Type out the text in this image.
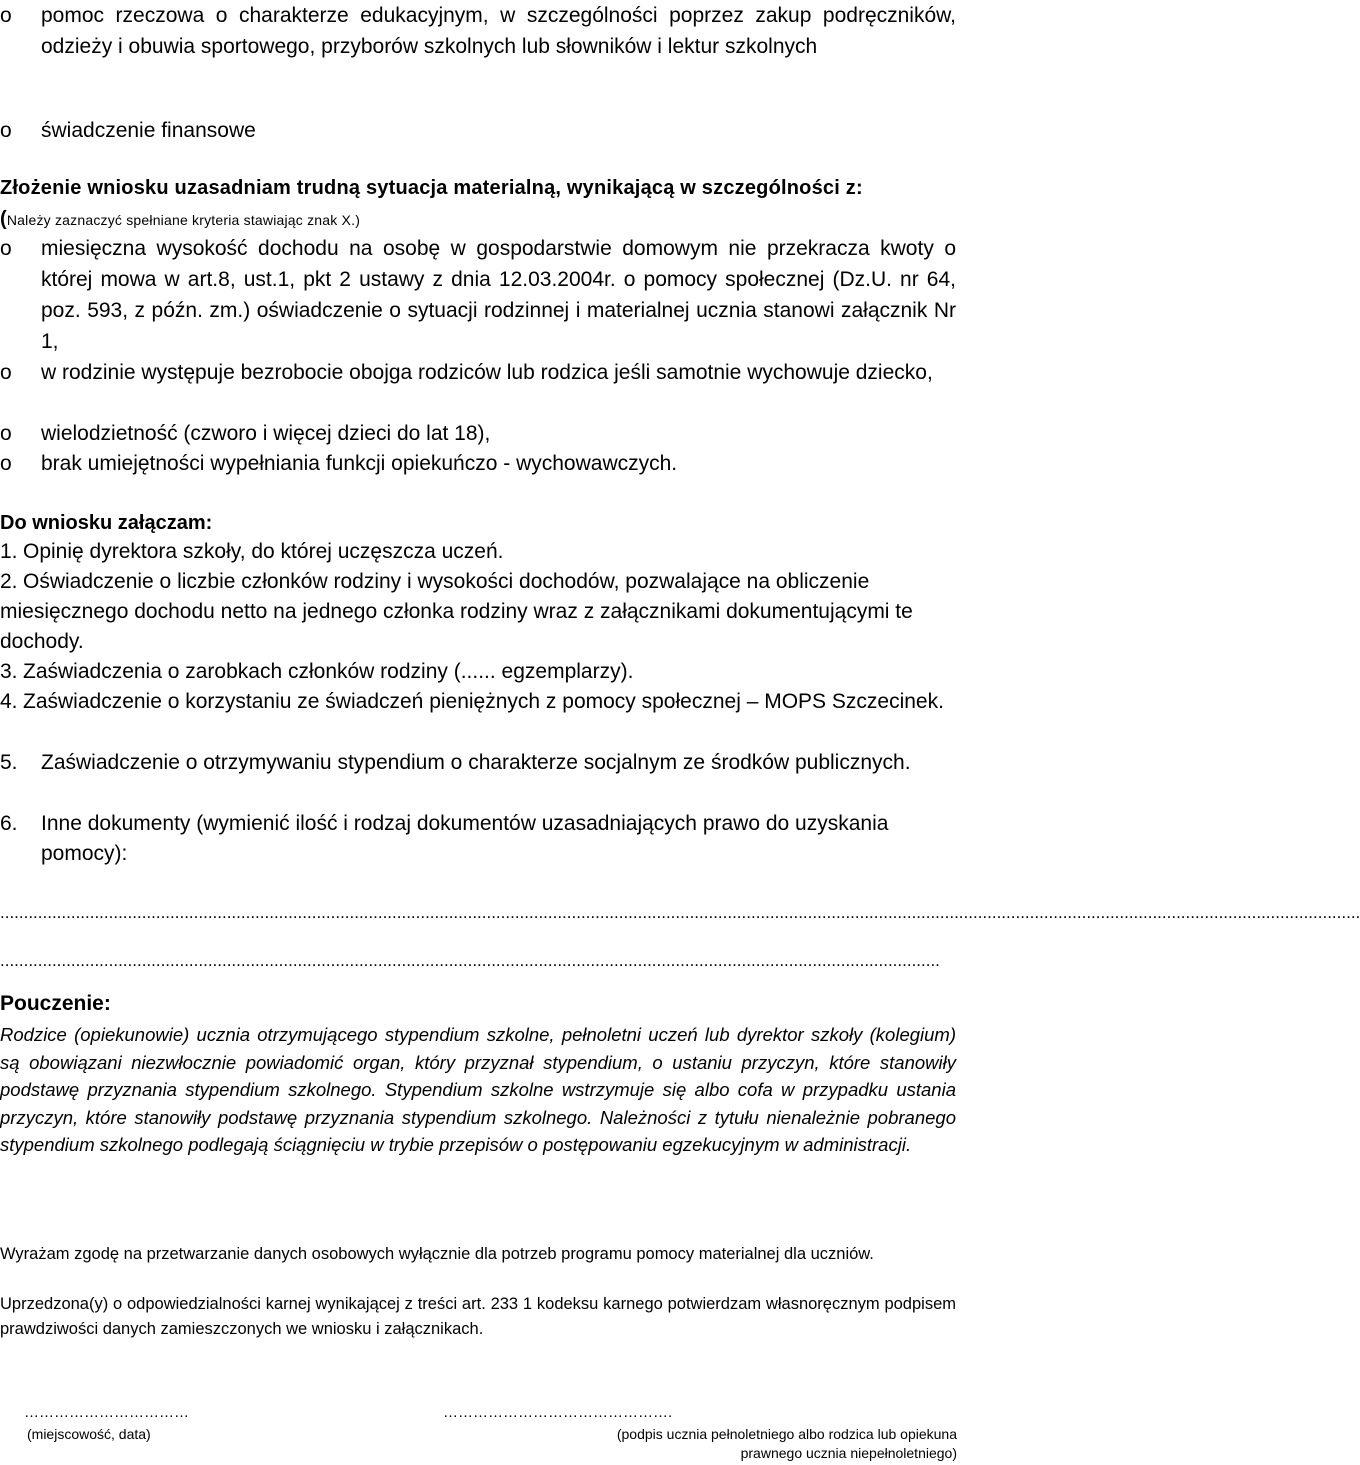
o pomoc rzeczowa o charakterze edukacyjnym, w szczególności poprzez zakup podręczników, odzieży i obuwia sportowego, przyborów szkolnych lub słowników i lektur szkolnych
o świadczenie finansowe
Złożenie wniosku uzasadniam trudną sytuacja materialną, wynikającą w szczególności z: (Należy zaznaczyć spełniane kryteria stawiając znak X.)
o miesięczna wysokość dochodu na osobę w gospodarstwie domowym nie przekracza kwoty o której mowa w art.8, ust.1, pkt 2 ustawy z dnia 12.03.2004r. o pomocy społecznej (Dz.U. nr 64, poz. 593, z późn. zm.) oświadczenie o sytuacji rodzinnej i materialnej ucznia stanowi załącznik Nr 1,
o w rodzinie występuje bezrobocie obojga rodziców lub rodzica jeśli samotnie wychowuje dziecko,
o wielodzietność (czworo i więcej dzieci do lat 18),
o brak umiejętności wypełniania funkcji opiekuńczo - wychowawczych.
Do wniosku załączam:
1. Opinię dyrektora szkoły, do której uczęszcza uczeń.
2. Oświadczenie o liczbie członków rodziny i wysokości dochodów, pozwalające na obliczenie miesięcznego dochodu netto na jednego członka rodziny wraz z załącznikami dokumentującymi te dochody.
3. Zaświadczenia o zarobkach członków rodziny (...... egzemplarzy).
4. Zaświadczenie o korzystaniu ze świadczeń pieniężnych z pomocy społecznej – MOPS Szczecinek.
5. Zaświadczenie o otrzymywaniu stypendium o charakterze socjalnym ze środków publicznych.
6. Inne dokumenty (wymienić ilość i rodzaj dokumentów uzasadniających prawo do uzyskania pomocy):
................................................................................................................................................................................................................................................................................................
.......................................................................................................................................................................................................
Pouczenie:
Rodzice (opiekunowie) ucznia otrzymującego stypendium szkolne, pełnoletni uczeń lub dyrektor szkoły (kolegium) są obowiązani niezwłocznie powiadomić organ, który przyznał stypendium, o ustaniu przyczyn, które stanowiły podstawę przyznania stypendium szkolnego. Stypendium szkolne wstrzymuje się albo cofa w przypadku ustania przyczyn, które stanowiły podstawę przyznania stypendium szkolnego. Należności z tytułu nienależnie pobranego stypendium szkolnego podlegają ściągnięciu w trybie przepisów o postępowaniu egzekucyjnym w administracji.
Wyrażam zgodę na przetwarzanie danych osobowych wyłącznie dla potrzeb programu pomocy materialnej dla uczniów.
Uprzedzona(y) o odpowiedzialności karnej wynikającej z treści art. 233 1 kodeksu karnego potwierdzam własnoręcznym podpisem prawdziwości danych zamieszczonych we wniosku i załącznikach.
……………………………
(miejscowość, data)
……………………………………….
(podpis ucznia pełnoletniego albo rodzica lub opiekuna
prawnego ucznia niepełnoletniego)
